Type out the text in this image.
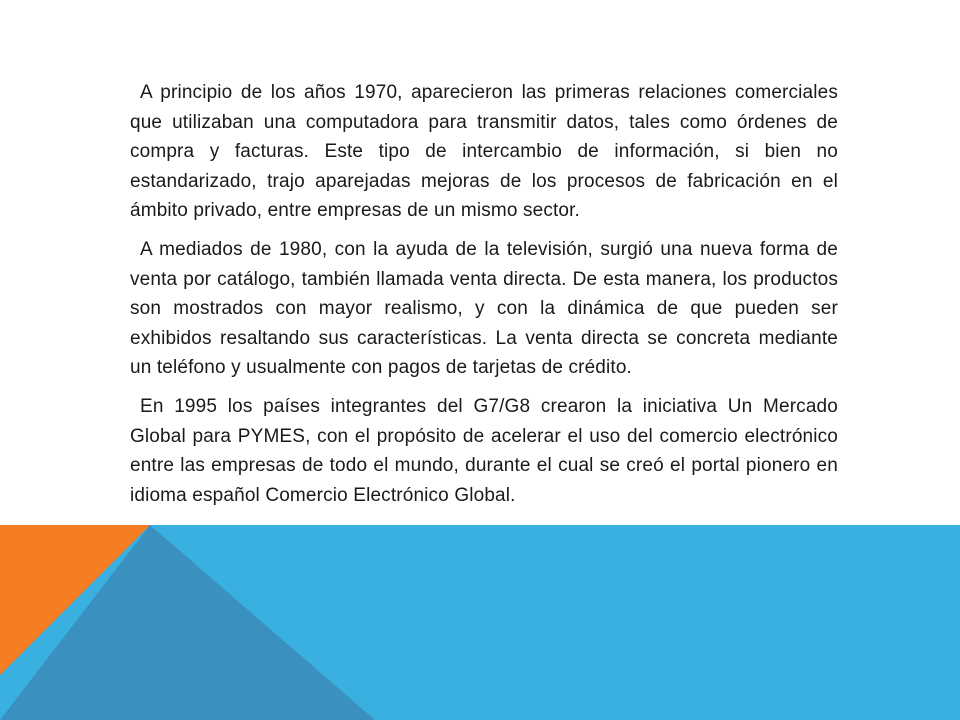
A principio de los años 1970, aparecieron las primeras relaciones comerciales que utilizaban una computadora para transmitir datos, tales como órdenes de compra y facturas. Este tipo de intercambio de información, si bien no estandarizado, trajo aparejadas mejoras de los procesos de fabricación en el ámbito privado, entre empresas de un mismo sector.

A mediados de 1980, con la ayuda de la televisión, surgió una nueva forma de venta por catálogo, también llamada venta directa. De esta manera, los productos son mostrados con mayor realismo, y con la dinámica de que pueden ser exhibidos resaltando sus características. La venta directa se concreta mediante un teléfono y usualmente con pagos de tarjetas de crédito.

En 1995 los países integrantes del G7/G8 crearon la iniciativa Un Mercado Global para PYMES, con el propósito de acelerar el uso del comercio electrónico entre las empresas de todo el mundo, durante el cual se creó el portal pionero en idioma español Comercio Electrónico Global.
